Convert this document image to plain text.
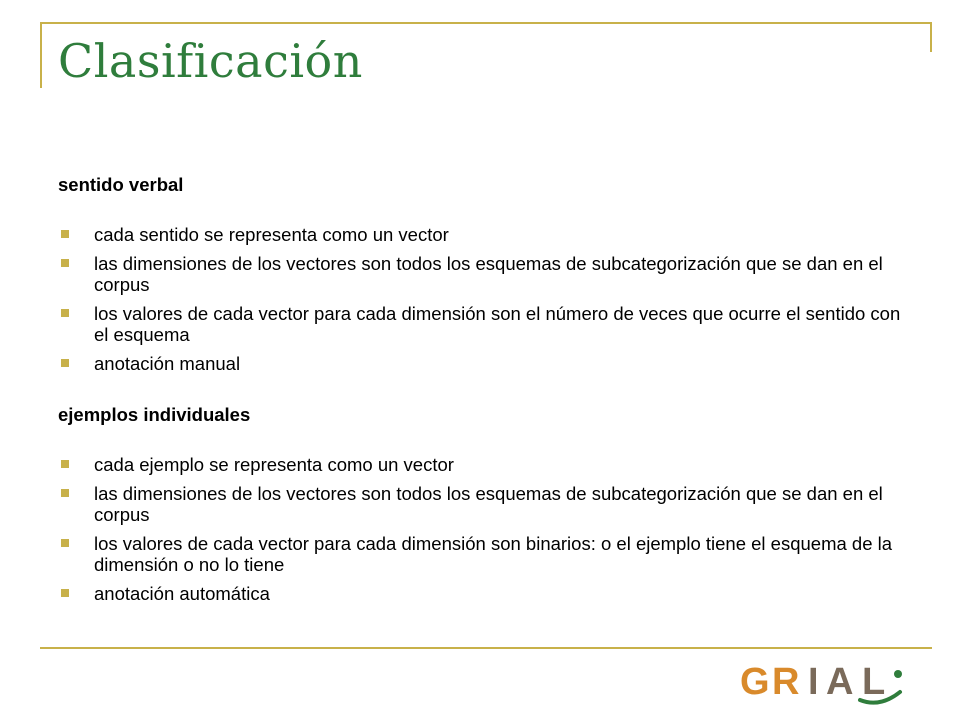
Clasificación
sentido verbal
cada sentido se representa como un vector
las dimensiones de los vectores son todos los esquemas de subcategorización que se dan en el corpus
los valores de cada vector para cada dimensión son el número de veces que ocurre el sentido con el esquema
anotación manual
ejemplos individuales
cada ejemplo se representa como un vector
las dimensiones de los vectores son todos los esquemas de subcategorización que se dan en el corpus
los valores de cada vector para cada dimensión son binarios: o el ejemplo tiene el esquema de la dimensión o no lo tiene
anotación automática
G R I A L
